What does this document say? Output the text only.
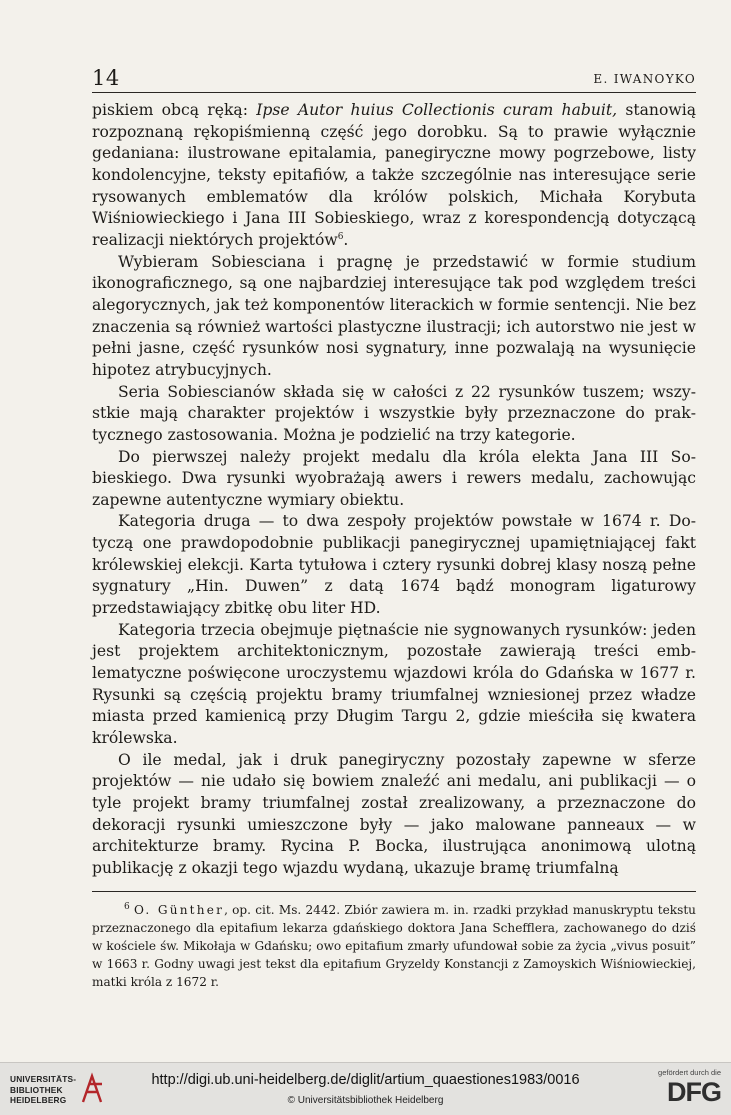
14	E. IWANOYKO

piskiem obcą ręką: Ipse Autor huius Collectionis curam habuit, stanowią rozpoznaną rękopiśmienną część jego dorobku. Są to prawie wyłącznie gedaniana: ilustrowane epitalamia, panegiryczne mowy pogrzebowe, listy kondolencyjne, teksty epitafiów, a także szczególnie nas interesujące serie rysowanych emblematów dla królów polskich, Michała Korybuta Wiśniowieckiego i Jana III Sobieskiego, wraz z korespondencją dotyczącą realizacji niektórych projektów$^6$.

Wybieram Sobiesciana i pragnę je przedstawić w formie studium ikonograficznego, są one najbardziej interesujące tak pod względem treści alegorycznych, jak też komponentów literackich w formie sentencji. Nie bez znaczenia są również wartości plastyczne ilustracji; ich autorstwo nie jest w pełni jasne, część rysunków nosi sygnatury, inne pozwalają na wysunięcie hipotez atrybucyjnych.

Seria Sobiescianów składa się w całości z 22 rysunków tuszem; wszystkie mają charakter projektów i wszystkie były przeznaczone do praktycznego zastosowania. Można je podzielić na trzy kategorie.

Do pierwszej należy projekt medalu dla króla elekta Jana III Sobieskiego. Dwa rysunki wyobrażają awers i rewers medalu, zachowując zapewne autentyczne wymiary obiektu.

Kategoria druga — to dwa zespoły projektów powstałe w 1674 r. Dotyczą one prawdopodobnie publikacji panegirycznej upamiętniającej fakt królewskiej elekcji. Karta tytułowa i cztery rysunki dobrej klasy noszą pełne sygnatury „Hin. Duwen” z datą 1674 bądź monogram ligaturowy przedstawiający zbitkę obu liter HD.

Kategoria trzecia obejmuje piętnaście nie sygnowanych rysunków: jeden jest projektem architektonicznym, pozostałe zawierają treści emblematyczne poświęcone uroczystemu wjazdowi króla do Gdańska w 1677 r. Rysunki są częścią projektu bramy triumfalnej wzniesionej przez władze miasta przed kamienicą przy Długim Targu 2, gdzie mieściła się kwatera królewska.

O ile medal, jak i druk panegiryczny pozostały zapewne w sferze projektów — nie udało się bowiem znaleźć ani medalu, ani publikacji — o tyle projekt bramy triumfalnej został zrealizowany, a przeznaczone do dekoracji rysunki umieszczone były — jako malowane panneaux — w architekturze bramy. Rycina P. Bocka, ilustrująca anonimową ulotną publikację z okazji tego wjazdu wydaną, ukazuje bramę triumfalną

$^6$ O. Günther, op. cit. Ms. 2442. Zbiór zawiera m. in. rzadki przykład manuskryptu tekstu przeznaczonego dla epitafium lekarza gdańskiego doktora Jana Schefflera, zachowanego do dziś w kościele św. Mikołaja w Gdańsku; owo epitafium zmarły ufundował sobie za życia „vivus posuit” w 1663 r. Godny uwagi jest tekst dla epitafium Gryzeldy Konstancji z Zamoyskich Wiśniowieckiej, matki króla z 1672 r.

UNIVERSITÄTS-
BIBLIOTHEK
HEIDELBERG
http://digi.ub.uni-heidelberg.de/diglit/artium_quaestiones1983/0016
© Universitätsbibliothek Heidelberg
gefördert durch die
DFG
